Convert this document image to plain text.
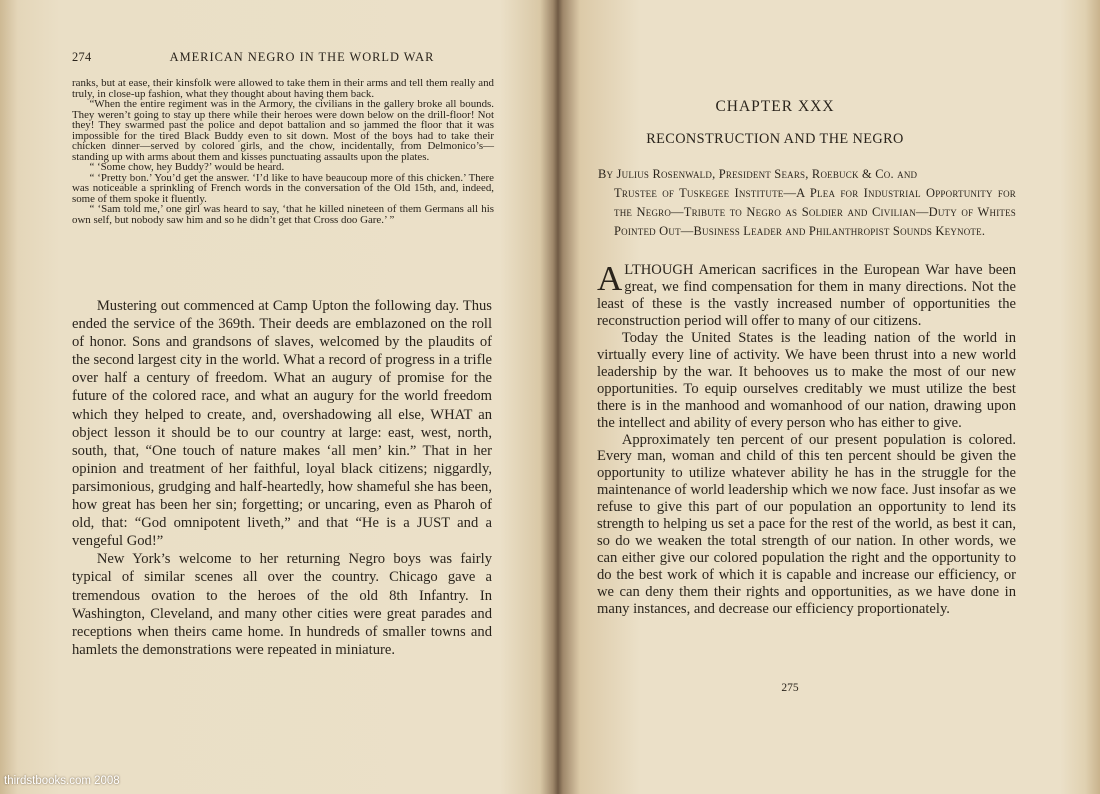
274	AMERICAN NEGRO IN THE WORLD WAR

ranks, but at ease, their kinsfolk were allowed to take them in their arms and tell them really and truly, in close-up fashion, what they thought about having them back.

“When the entire regiment was in the Armory, the civilians in the gallery broke all bounds. They weren’t going to stay up there while their heroes were down below on the drill-floor! Not they! They swarmed past the police and depot battalion and so jammed the floor that it was impossible for the tired Black Buddy even to sit down. Most of the boys had to take their chicken dinner—served by colored girls, and the chow, incidentally, from Delmonico’s—standing up with arms about them and kisses punctuating assaults upon the plates.

“ ‘Some chow, hey Buddy?’ would be heard.

“ ‘Pretty bon.’ You’d get the answer. ‘I’d like to have beaucoup more of this chicken.’ There was noticeable a sprinkling of French words in the conversation of the Old 15th, and, indeed, some of them spoke it fluently.

“ ‘Sam told me,’ one girl was heard to say, ‘that he killed nineteen of them Germans all his own self, but nobody saw him and so he didn’t get that Cross doo Gare.’ ”

Mustering out commenced at Camp Upton the following day. Thus ended the service of the 369th. Their deeds are emblazoned on the roll of honor. Sons and grandsons of slaves, welcomed by the plaudits of the second largest city in the world. What a record of progress in a trifle over half a century of freedom. What an augury of promise for the future of the colored race, and what an augury for the world freedom which they helped to create, and, overshadowing all else, WHAT an object lesson it should be to our country at large: east, west, north, south, that, “One touch of nature makes ‘all men’ kin.” That in her opinion and treatment of her faithful, loyal black citizens; niggardly, parsimonious, grudging and half-heartedly, how shameful she has been, how great has been her sin; forgetting; or uncaring, even as Pharoh of old, that: “God omnipotent liveth,” and that “He is a JUST and a vengeful God!”

New York’s welcome to her returning Negro boys was fairly typical of similar scenes all over the country. Chicago gave a tremendous ovation to the heroes of the old 8th Infantry. In Washington, Cleveland, and many other cities were great parades and receptions when theirs came home. In hundreds of smaller towns and hamlets the demonstrations were repeated in miniature.

CHAPTER XXX
RECONSTRUCTION AND THE NEGRO
By Julius Rosenwald, President Sears, Roebuck & Co. and
Trustee of Tuskegee Institute—A Plea for Industrial Opportunity for the Negro—Tribute to Negro as Soldier and Civilian—Duty of Whites Pointed Out—Business Leader and Philanthropist Sounds Keynote.

ALTHOUGH American sacrifices in the European War have been great, we find compensation for them in many directions. Not the least of these is the vastly increased number of opportunities the reconstruction period will offer to many of our citizens.

Today the United States is the leading nation of the world in virtually every line of activity. We have been thrust into a new world leadership by the war. It behooves us to make the most of our new opportunities. To equip ourselves creditably we must utilize the best there is in the manhood and womanhood of our nation, drawing upon the intellect and ability of every person who has either to give.

Approximately ten percent of our present population is colored. Every man, woman and child of this ten percent should be given the opportunity to utilize whatever ability he has in the struggle for the maintenance of world leadership which we now face. Just insofar as we refuse to give this part of our population an opportunity to lend its strength to helping us set a pace for the rest of the world, as best it can, so do we weaken the total strength of our nation. In other words, we can either give our colored population the right and the opportunity to do the best work of which it is capable and increase our efficiency, or we can deny them their rights and opportunities, as we have done in many instances, and decrease our efficiency proportionately.

275
thirdstbooks.com 2008
